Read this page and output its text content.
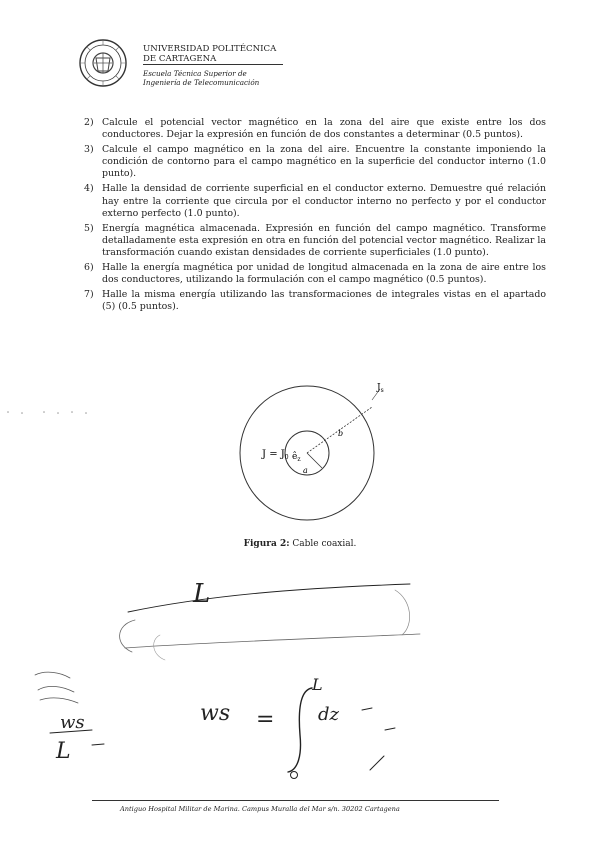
UNIVERSIDAD POLITÉCNICA
DE CARTAGENA
Escuela Técnica Superior de
Ingeniería de Telecomunicación
2) Calcule el potencial vector magnético en la zona del aire que existe entre los dos conductores. Dejar la expresión en función de dos constantes a determinar (0.5 puntos).
3) Calcule el campo magnético en la zona del aire. Encuentre la constante imponiendo la condición de contorno para el campo magnético en la superficie del conductor interno (1.0 punto).
4) Halle la densidad de corriente superficial en el conductor externo. Demuestre qué relación hay entre la corriente que circula por el conductor interno no perfecto y por el conductor externo perfecto (1.0 punto).
5) Energía magnética almacenada. Expresión en función del campo magnético. Transforme detalladamente esta expresión en otra en función del potencial vector magnético. Realizar la transformación cuando existan densidades de corriente superficiales (1.0 punto).
6) Halle la energía magnética por unidad de longitud almacenada en la zona de aire entre los dos conductores, utilizando la formulación con el campo magnético (0.5 puntos).
7) Halle la misma energía utilizando las transformaciones de integrales vistas en el apartado (5) (0.5 puntos).
$J = J_0$ $ê_z$
a
b
$J_s$
Figura 2: Cable coaxial.
L
ws
L
ws =
L
dz
Antiguo Hospital Militar de Marina. Campus Muralla del Mar s/n. 30202 Cartagena
